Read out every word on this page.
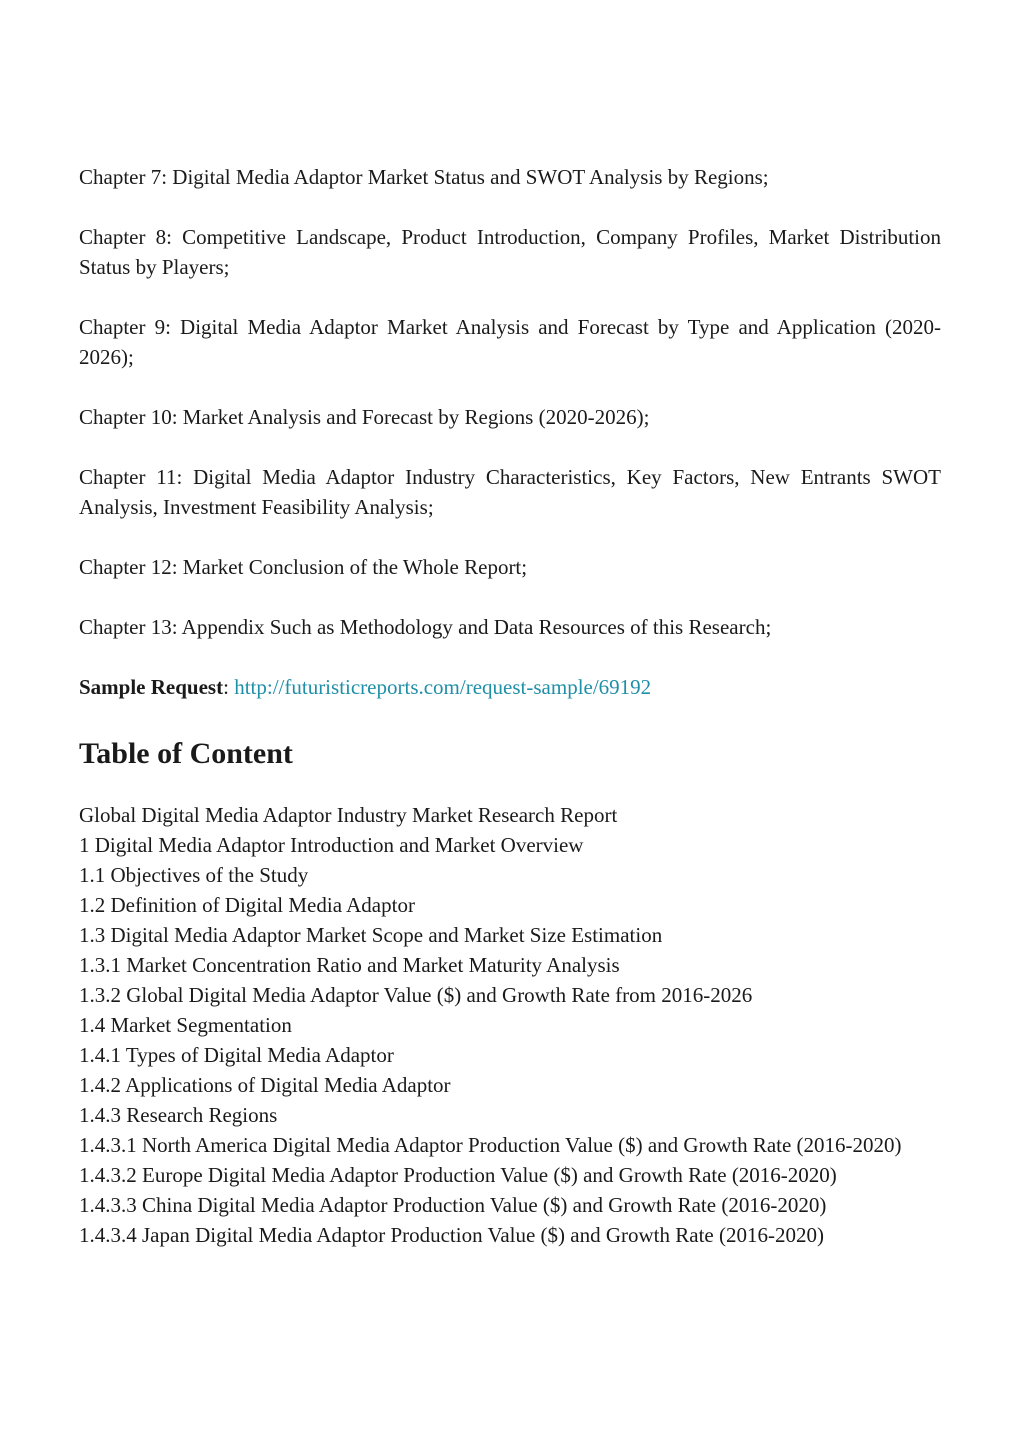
Chapter 7: Digital Media Adaptor Market Status and SWOT Analysis by Regions;

Chapter 8: Competitive Landscape, Product Introduction, Company Profiles, Market Distribution Status by Players;

Chapter 9: Digital Media Adaptor Market Analysis and Forecast by Type and Application (2020-2026);

Chapter 10: Market Analysis and Forecast by Regions (2020-2026);

Chapter 11: Digital Media Adaptor Industry Characteristics, Key Factors, New Entrants SWOT Analysis, Investment Feasibility Analysis;

Chapter 12: Market Conclusion of the Whole Report;

Chapter 13: Appendix Such as Methodology and Data Resources of this Research;

Sample Request: http://futuristicreports.com/request-sample/69192

Table of Content
Global Digital Media Adaptor Industry Market Research Report
1 Digital Media Adaptor Introduction and Market Overview
1.1 Objectives of the Study
1.2 Definition of Digital Media Adaptor
1.3 Digital Media Adaptor Market Scope and Market Size Estimation
1.3.1 Market Concentration Ratio and Market Maturity Analysis
1.3.2 Global Digital Media Adaptor Value ($) and Growth Rate from 2016-2026
1.4 Market Segmentation
1.4.1 Types of Digital Media Adaptor
1.4.2 Applications of Digital Media Adaptor
1.4.3 Research Regions
1.4.3.1 North America Digital Media Adaptor Production Value ($) and Growth Rate (2016-2020)
1.4.3.2 Europe Digital Media Adaptor Production Value ($) and Growth Rate (2016-2020)
1.4.3.3 China Digital Media Adaptor Production Value ($) and Growth Rate (2016-2020)
1.4.3.4 Japan Digital Media Adaptor Production Value ($) and Growth Rate (2016-2020)
